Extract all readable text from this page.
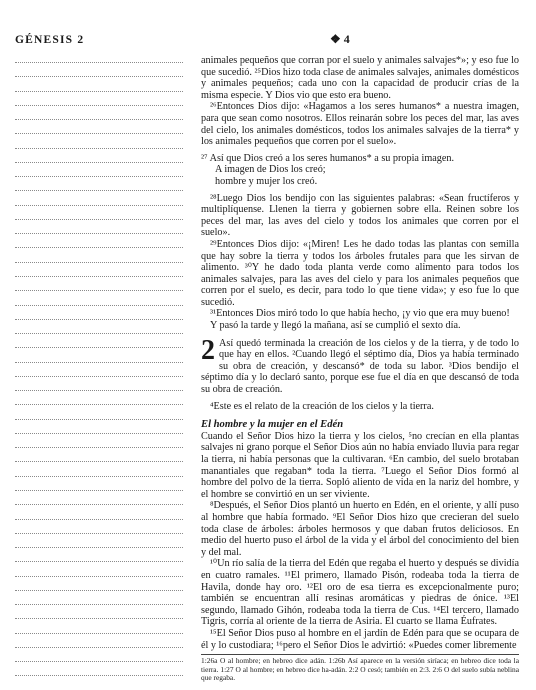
GÉNESIS 2	❖ 4

animales pequeños que corran por el suelo y animales salvajes*»; y eso fue lo que sucedió. ²⁵Dios hizo toda clase de animales salvajes, animales domésticos y animales pequeños; cada uno con la capacidad de producir crías de la misma especie. Y Dios vio que esto era bueno.

²⁶Entonces Dios dijo: «Hagamos a los seres humanos* a nuestra imagen, para que sean como nosotros. Ellos reinarán sobre los peces del mar, las aves del cielo, los animales domésticos, todos los animales salvajes de la tierra* y los animales pequeños que corren por el suelo».

²⁷ Así que Dios creó a los seres humanos* a su propia imagen.

A imagen de Dios los creó;

hombre y mujer los creó.

²⁸Luego Dios los bendijo con las siguientes palabras: «Sean fructíferos y multiplíquense. Llenen la tierra y gobiernen sobre ella. Reinen sobre los peces del mar, las aves del cielo y todos los animales que corren por el suelo».

²⁹Entonces Dios dijo: «¡Miren! Les he dado todas las plantas con semilla que hay sobre la tierra y todos los árboles frutales para que les sirvan de alimento. ³⁰Y he dado toda planta verde como alimento para todos los animales salvajes, para las aves del cielo y para los animales pequeños que corren por el suelo, es decir, para todo lo que tiene vida»; y eso fue lo que sucedió.

³¹Entonces Dios miró todo lo que había hecho, ¡y vio que era muy bueno!

Y pasó la tarde y llegó la mañana, así se cumplió el sexto día.

2 Así quedó terminada la creación de los cielos y de la tierra, y de todo lo que hay en ellos. ²Cuando llegó el séptimo día, Dios ya había terminado su obra de creación, y descansó* de toda su labor. ³Dios bendijo el séptimo día y lo declaró santo, porque ese fue el día en que descansó de toda su obra de creación.

⁴Este es el relato de la creación de los cielos y la tierra.

El hombre y la mujer en el Edén

Cuando el Señor Dios hizo la tierra y los cielos, ⁵no crecían en ella plantas salvajes ni grano porque el Señor Dios aún no había enviado lluvia para regar la tierra, ni había personas que la cultivaran. ⁶En cambio, del suelo brotaban manantiales que regaban* toda la tierra. ⁷Luego el Señor Dios formó al hombre del polvo de la tierra. Sopló aliento de vida en la nariz del hombre, y el hombre se convirtió en un ser viviente.

⁸Después, el Señor Dios plantó un huerto en Edén, en el oriente, y allí puso al hombre que había formado. ⁹El Señor Dios hizo que crecieran del suelo toda clase de árboles: árboles hermosos y que daban frutos deliciosos. En medio del huerto puso el árbol de la vida y el árbol del conocimiento del bien y del mal.

¹⁰Un río salía de la tierra del Edén que regaba el huerto y después se dividía en cuatro ramales. ¹¹El primero, llamado Pisón, rodeaba toda la tierra de Havila, donde hay oro. ¹²El oro de esa tierra es excepcionalmente puro; también se encuentran allí resinas aromáticas y piedras de ónice. ¹³El segundo, llamado Gihón, rodeaba toda la tierra de Cus. ¹⁴El tercero, llamado Tigris, corría al oriente de la tierra de Asiria. El cuarto se llama Éufrates.

¹⁵El Señor Dios puso al hombre en el jardín de Edén para que se ocupara de él y lo custodiara; ¹⁶pero el Señor Dios le advirtió: «Puedes comer libremente

1:26a O al hombre; en hebreo dice adán. 1:26b Así aparece en la versión siríaca; en hebreo dice toda la tierra. 1:27 O al hombre; en hebreo dice ha-adán. 2:2 O cesó; también en 2:3. 2:6 O del suelo subía neblina que regaba.
